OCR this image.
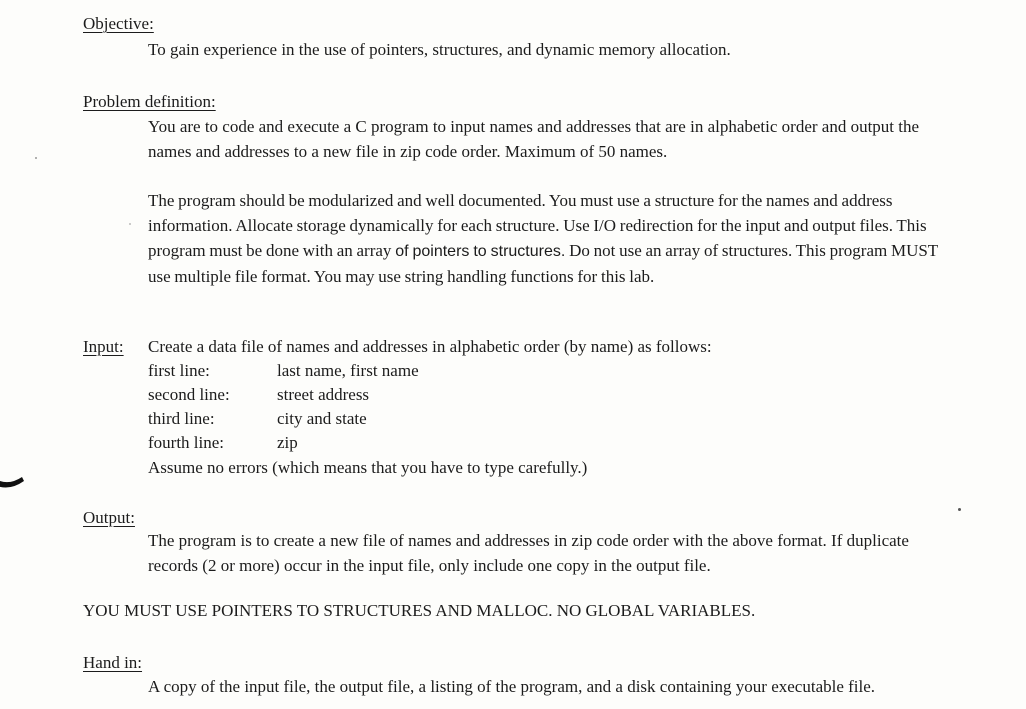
Objective:
To gain experience in the use of pointers, structures, and dynamic memory allocation.
Problem definition:
You are to code and execute a C program to input names and addresses that are in alphabetic order and output the names and addresses to a new file in zip code order. Maximum of 50 names.
The program should be modularized and well documented. You must use a structure for the names and address information. Allocate storage dynamically for each structure. Use I/O redirection for the input and output files. This program must be done with an array of pointers to structures. Do not use an array of structures. This program MUST use multiple file format. You may use string handling functions for this lab.
Input: Create a data file of names and addresses in alphabetic order (by name) as follows:
first line:	last name, first name
second line:	street address
third line:	city and state
fourth line:	zip
Assume no errors (which means that you have to type carefully.)
Output:
The program is to create a new file of names and addresses in zip code order with the above format. If duplicate records (2 or more) occur in the input file, only include one copy in the output file.
YOU MUST USE POINTERS TO STRUCTURES AND MALLOC. NO GLOBAL VARIABLES.
Hand in:
A copy of the input file, the output file, a listing of the program, and a disk containing your executable file.
